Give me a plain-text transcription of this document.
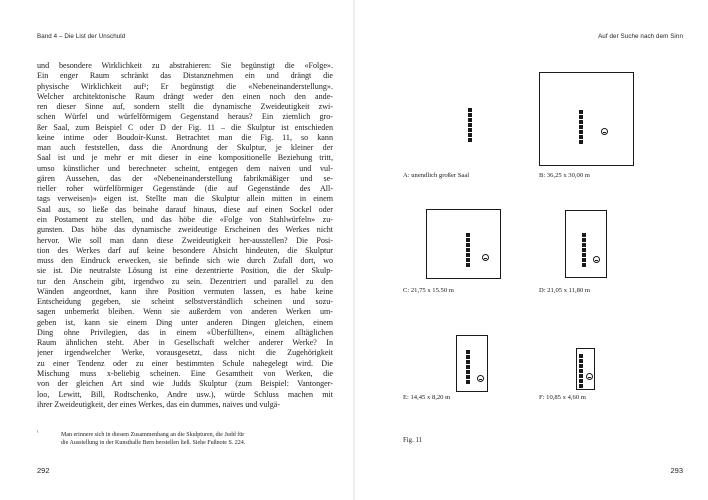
Band 4 – Die List der Unschuld
und besondere Wirklichkeit zu abstrahieren: Sie begünstigt die «Folge».
Ein enger Raum schränkt das Distanznehmen ein und drängt die
physische Wirklichkeit auf¹; Er begünstigt die «Nebeneinanderstellung».
Welcher architektonische Raum drängt weder den einen noch den ande-
ren dieser Sinne auf, sondern stellt die dynamische Zweideutigkeit zwi-
schen Würfel und würfelförmigem Gegenstand heraus? Ein ziemlich gro-
ßer Saal, zum Beispiel C oder D der Fig. 11 – die Skulptur ist entschieden
keine intime oder Boudoir-Kunst. Betrachtet man die Fig. 11, so kann
man auch feststellen, dass die Anordnung der Skulptur, je kleiner der
Saal ist und je mehr er mit dieser in eine kompositionelle Beziehung tritt,
umso künstlicher und berechneter scheint, entgegen dem naiven und vul-
gären Aussehen, das der «Nebeneinanderstellung fabrikmäßiger und se-
rieller roher würfelförmiger Gegenstände (die auf Gegenstände des All-
tags verweisen)» eigen ist. Stellte man die Skulptur allein mitten in einem
Saal aus, so ließe das beinahe darauf hinaus, diese auf einen Sockel oder
ein Postament zu stellen, und das höbe die «Folge von Stahlwürfeln» zu-
gunsten. Das höbe das dynamische zweideutige Erscheinen des Werkes nicht
hervor. Wie soll man dann diese Zweideutigkeit her-ausstellen? Die Posi-
tion des Werkes darf auf keine besondere Absicht hindeuten, die Skulptur
muss den Eindruck erwecken, sie befinde sich wie durch Zufall dort, wo
sie ist. Die neutralste Lösung ist eine dezentrierte Position, die der Skulp-
tur den Anschein gibt, irgendwo zu sein. Dezentriert und parallel zu den
Wänden angeordnet, kann ihre Position vermuten lassen, es habe keine
Entscheidung gegeben, sie scheint selbstverständlich scheinen und sozu-
sagen unbemerkt bleiben. Wenn sie außerdem von anderen Werken um-
geben ist, kann sie einem Ding unter anderen Dingen gleichen, einem
Ding ohne Privilegien, das in einem «Überfüllten», einem alltäglichen
Raum ähnlichen steht. Aber in Gesellschaft welcher anderer Werke? In
jener irgendwelcher Werke, vorausgesetzt, dass nicht die Zugehörigkeit
zu einer Tendenz oder zu einer bestimmten Schule nahegelegt wird. Die
Mischung muss x-beliebig scheinen. Eine Gesamtheit von Werken, die
von der gleichen Art sind wie Judds Skulptur (zum Beispiel: Vantonger-
loo, Lewitt, Bill, Rodtschenko, Andre usw.), würde Schluss machen mit
ihrer Zweideutigkeit, der eines Werkes, das ein dummes, naives und vulgä-
¹	Man erinnere sich in diesem Zusammenhang an die Skulpturen, die Judd für
die Ausstellung in der Kunsthalle Bern herstellen ließ. Siehe Fußnote S. 224.
292
Auf der Suche nach dem Sinn
A: unendlich großer Saal	B: 36,25 x 30,00 m
C: 21,75 x 15.50 m	D: 21,05 x 11,80 m
E: 14,45 x 8,20 m	F: 10,85 x 4,60 m
Fig. 11
293
